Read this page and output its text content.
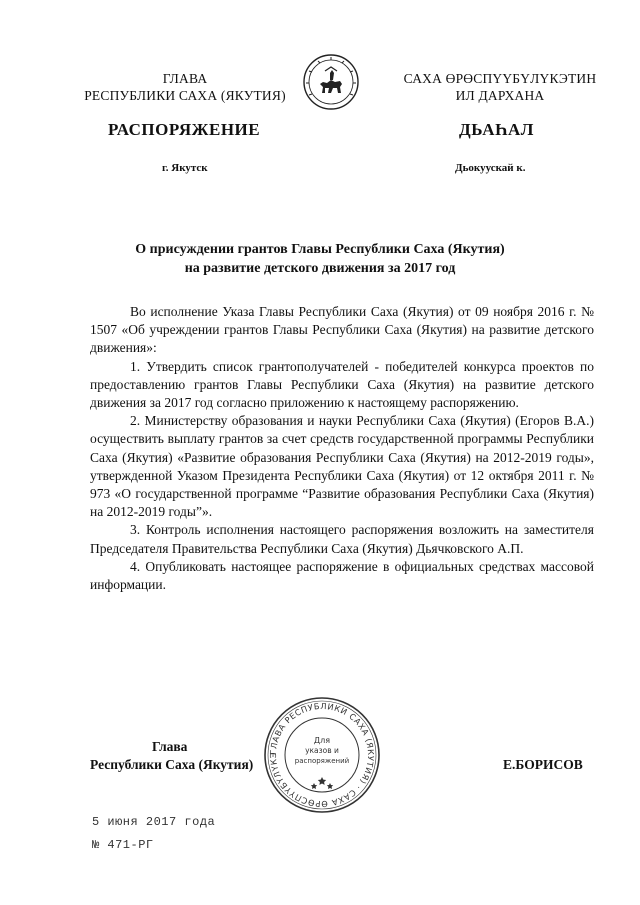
ГЛАВА
РЕСПУБЛИКИ САХА (ЯКУТИЯ)
САХА ӨРӨСПҮҮБҮЛҮКЭТИН
ИЛ ДАРХАНА
РАСПОРЯЖЕНИЕ	ДЬАҺАЛ
г. Якутск	Дьокуускай к.
О присуждении грантов Главы Республики Саха (Якутия)
на развитие детского движения за 2017 год

Во исполнение Указа Главы Республики Саха (Якутия) от 09 ноября 2016 г. № 1507 «Об учреждении грантов Главы Республики Саха (Якутия) на развитие детского движения»:

1. Утвердить список грантополучателей - победителей конкурса проектов по предоставлению грантов Главы Республики Саха (Якутия) на развитие детского движения за 2017 год согласно приложению к настоящему распоряжению.

2. Министерству образования и науки Республики Саха (Якутия) (Егоров В.А.) осуществить выплату грантов за счет средств государственной программы Республики Саха (Якутия) «Развитие образования Республики Саха (Якутия) на 2012-2019 годы», утвержденной Указом Президента Республики Саха (Якутия) от 12 октября 2011 г. № 973 «О государственной программе “Развитие образования Республики Саха (Якутия) на 2012-2019 годы”».

3. Контроль исполнения настоящего распоряжения возложить на заместителя Председателя Правительства Республики Саха (Якутия) Дьячковского А.П.

4. Опубликовать настоящее распоряжение в официальных средствах массовой информации.

Глава
Республики Саха (Якутия)	Е.БОРИСОВ
ГЛАВА РЕСПУБЛИКИ САХА (ЯКУТИЯ) · САХА ӨРӨСПҮҮБҮЛҮКЭ
Для
указов и
распоряжений
5 июня 2017 года
№ 471-РГ
